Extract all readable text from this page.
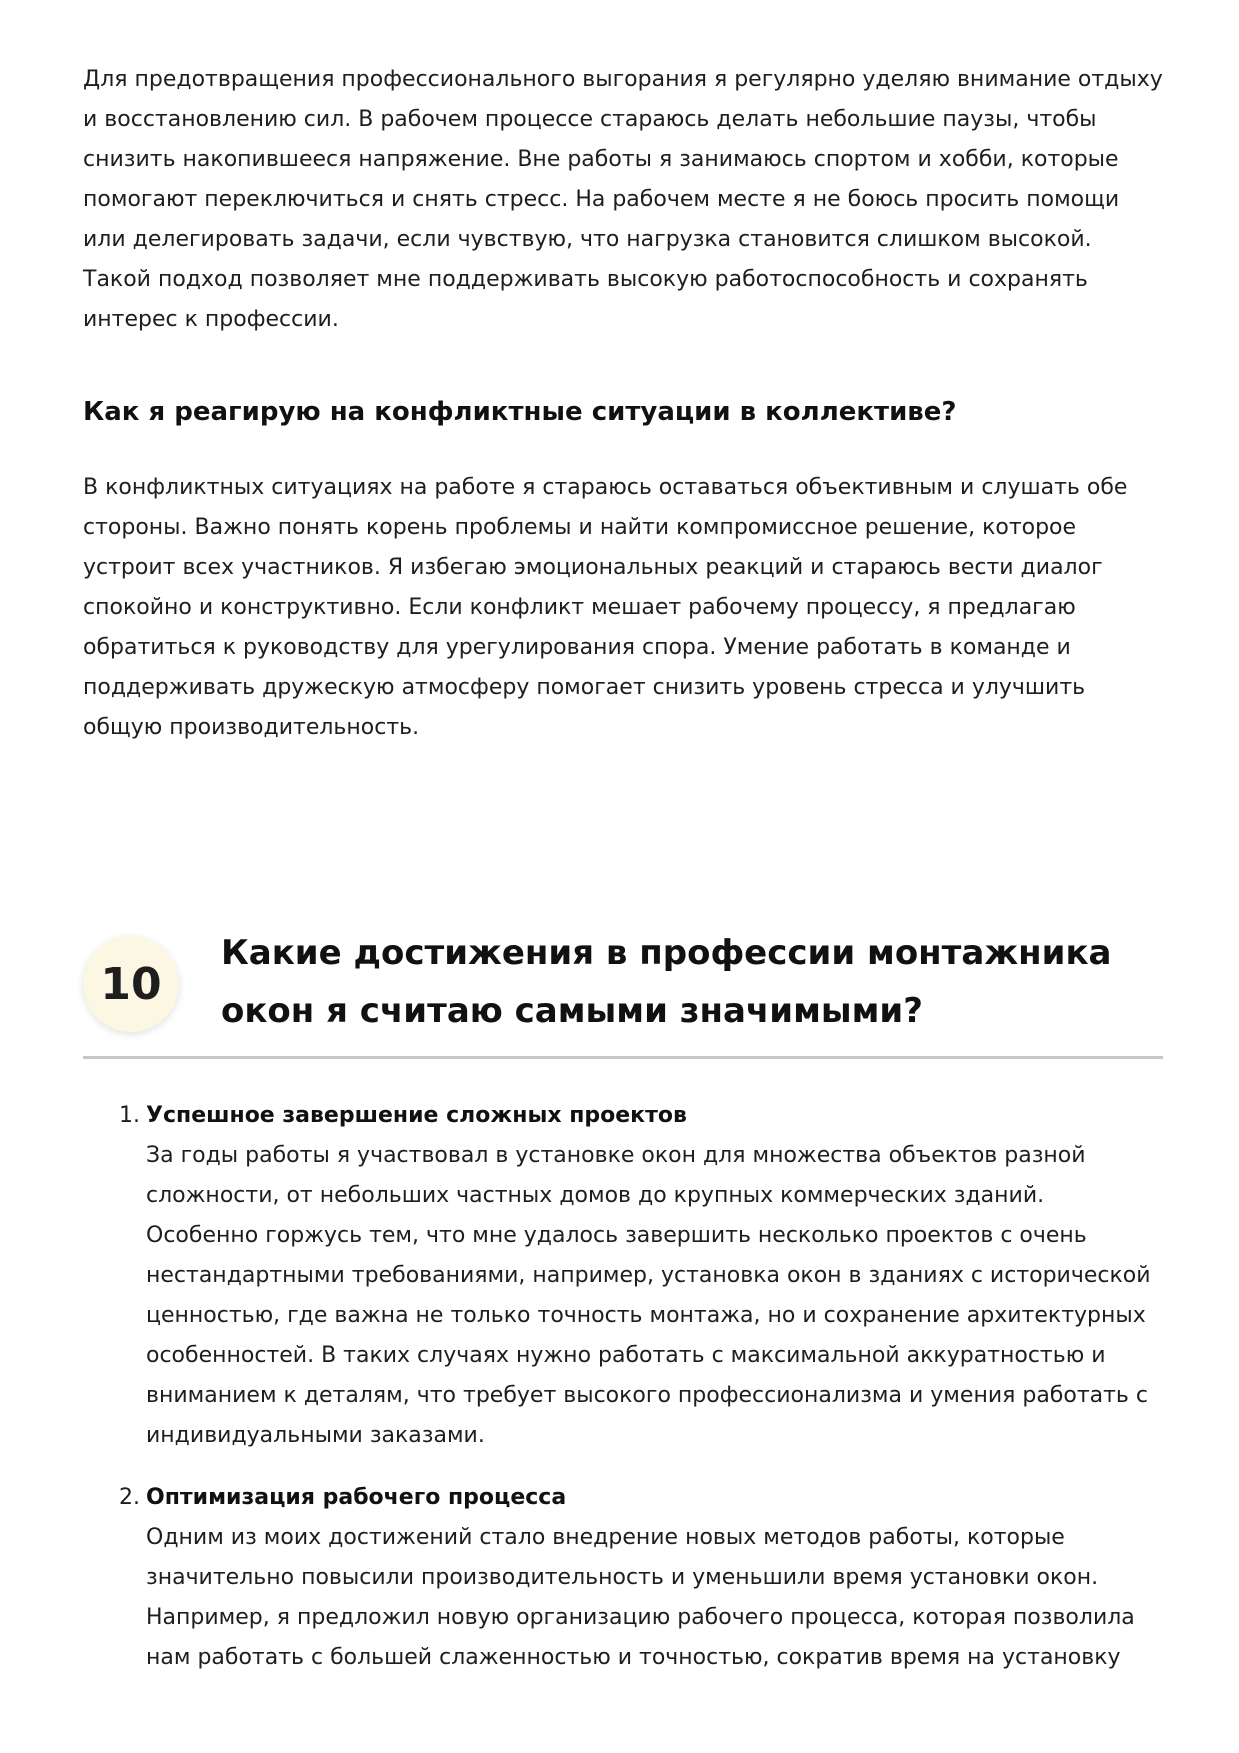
Для предотвращения профессионального выгорания я регулярно уделяю внимание отдыху и восстановлению сил. В рабочем процессе стараюсь делать небольшие паузы, чтобы снизить накопившееся напряжение. Вне работы я занимаюсь спортом и хобби, которые помогают переключиться и снять стресс. На рабочем месте я не боюсь просить помощи или делегировать задачи, если чувствую, что нагрузка становится слишком высокой. Такой подход позволяет мне поддерживать высокую работоспособность и сохранять интерес к профессии.

Как я реагирую на конфликтные ситуации в коллективе?

В конфликтных ситуациях на работе я стараюсь оставаться объективным и слушать обе стороны. Важно понять корень проблемы и найти компромиссное решение, которое устроит всех участников. Я избегаю эмоциональных реакций и стараюсь вести диалог спокойно и конструктивно. Если конфликт мешает рабочему процессу, я предлагаю обратиться к руководству для урегулирования спора. Умение работать в команде и поддерживать дружескую атмосферу помогает снизить уровень стресса и улучшить общую производительность.

10
Какие достижения в профессии монтажника окон я считаю самыми значимыми?
1. Успешное завершение сложных проектов

За годы работы я участвовал в установке окон для множества объектов разной сложности, от небольших частных домов до крупных коммерческих зданий. Особенно горжусь тем, что мне удалось завершить несколько проектов с очень нестандартными требованиями, например, установка окон в зданиях с исторической ценностью, где важна не только точность монтажа, но и сохранение архитектурных особенностей. В таких случаях нужно работать с максимальной аккуратностью и вниманием к деталям, что требует высокого профессионализма и умения работать с индивидуальными заказами.

2. Оптимизация рабочего процесса

Одним из моих достижений стало внедрение новых методов работы, которые значительно повысили производительность и уменьшили время установки окон. Например, я предложил новую организацию рабочего процесса, которая позволила нам работать с большей слаженностью и точностью, сократив время на установку
